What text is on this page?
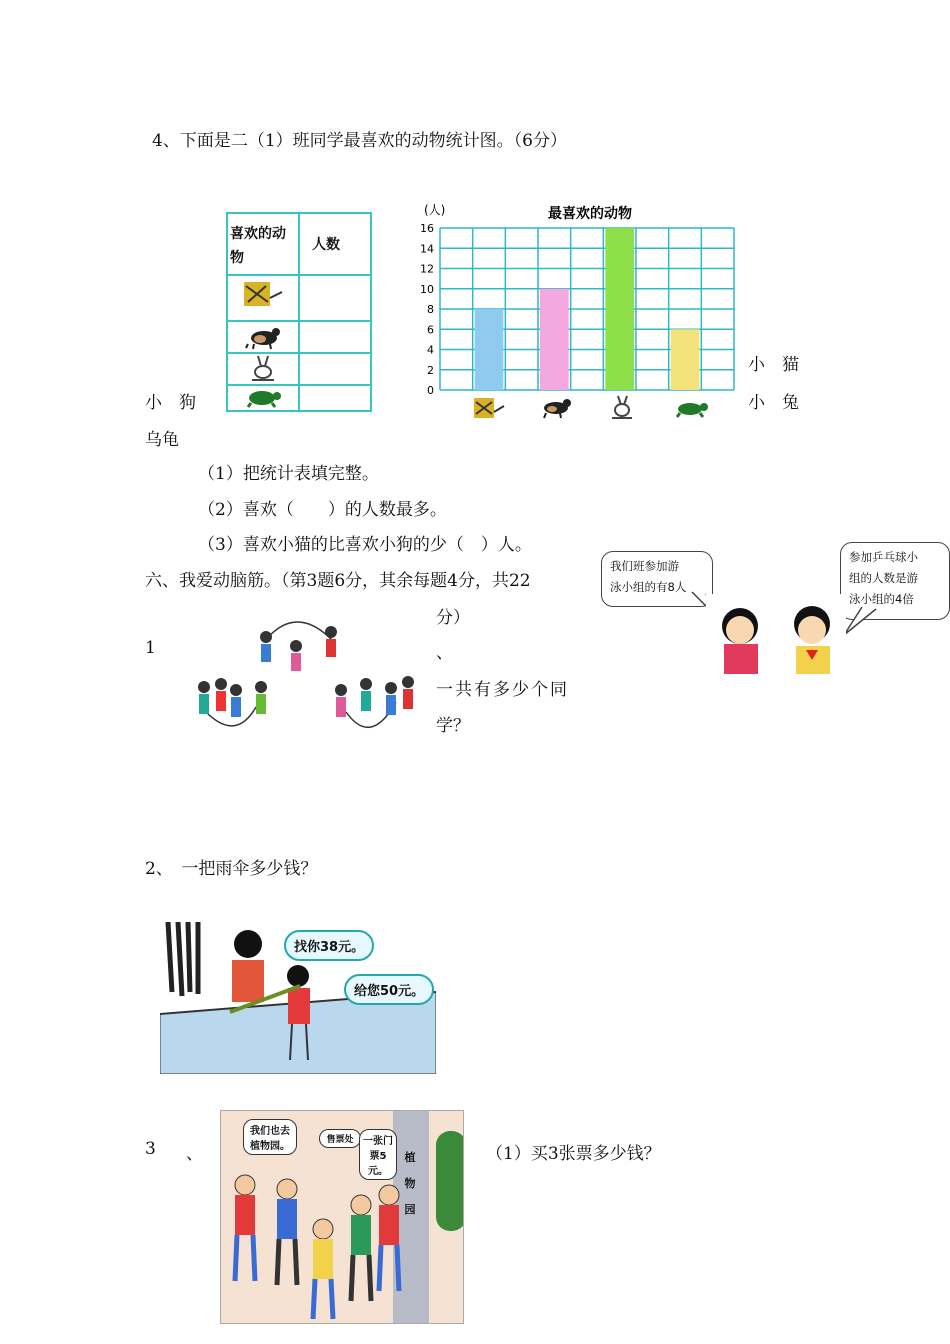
4、下面是二（1）班同学最喜欢的动物统计图。（6分）
喜欢的动 物
人数
(人)	最喜欢的动物
0
2
4
6
8
10
12
14
16
小　猫
小　兔
小　狗
乌龟
（1）把统计表填完整。
（2）喜欢（　　）的人数最多。
（3）喜欢小猫的比喜欢小狗的少（　）人。
六、我爱动脑筋。（第3题6分，其余每题4分，共22
分）
我们班参加游
泳小组的有8人
参加乒乓球小
组的人数是游
泳小组的4倍
1	、
一共有多少个同
学？
2、　一把雨伞多少钱？
找你38元。
给您50元。
3 、	植
物
园
我们也去植物园。
售票处 一张门票5元。
（1）买3张票多少钱？
